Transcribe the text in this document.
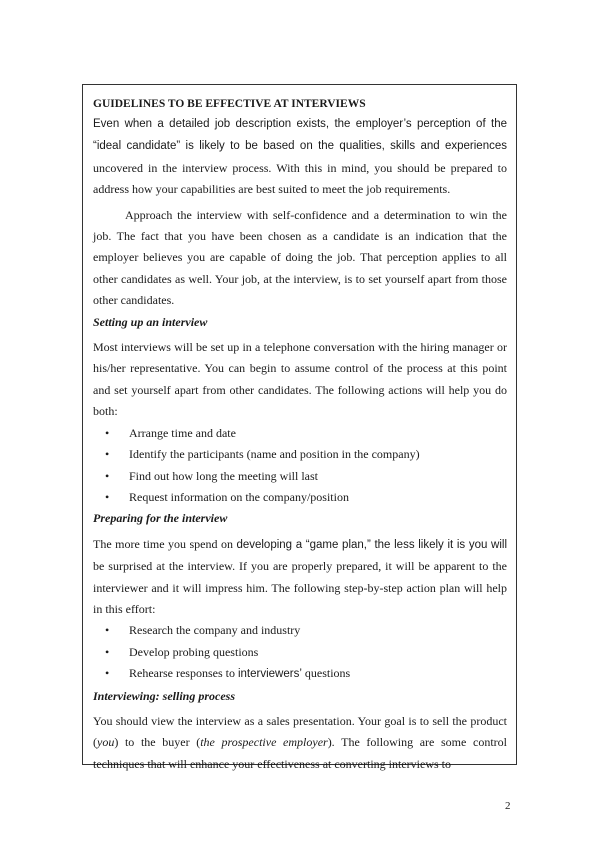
GUIDELINES TO BE EFFECTIVE AT INTERVIEWS

Even when a detailed job description exists, the employer’s perception of the “ideal candidate” is likely to be based on the qualities, skills and experiences uncovered in the interview process. With this in mind, you should be prepared to address how your capabilities are best suited to meet the job requirements.

Approach the interview with self-confidence and a determination to win the job. The fact that you have been chosen as a candidate is an indication that the employer believes you are capable of doing the job. That perception applies to all other candidates as well. Your job, at the interview, is to set yourself apart from those other candidates.

Setting up an interview

Most interviews will be set up in a telephone conversation with the hiring manager or his/her representative. You can begin to assume control of the process at this point and set yourself apart from other candidates. The following actions will help you do both:

• Arrange time and date
• Identify the participants (name and position in the company)
• Find out how long the meeting will last
• Request information on the company/position

Preparing for the interview

The more time you spend on developing a “game plan,” the less likely it is you will be surprised at the interview. If you are properly prepared, it will be apparent to the interviewer and it will impress him. The following step-by-step action plan will help in this effort:

• Research the company and industry
• Develop probing questions
• Rehearse responses to interviewers’ questions

Interviewing: selling process

You should view the interview as a sales presentation. Your goal is to sell the product (you) to the buyer (the prospective employer). The following are some control techniques that will enhance your effectiveness at converting interviews to

2
